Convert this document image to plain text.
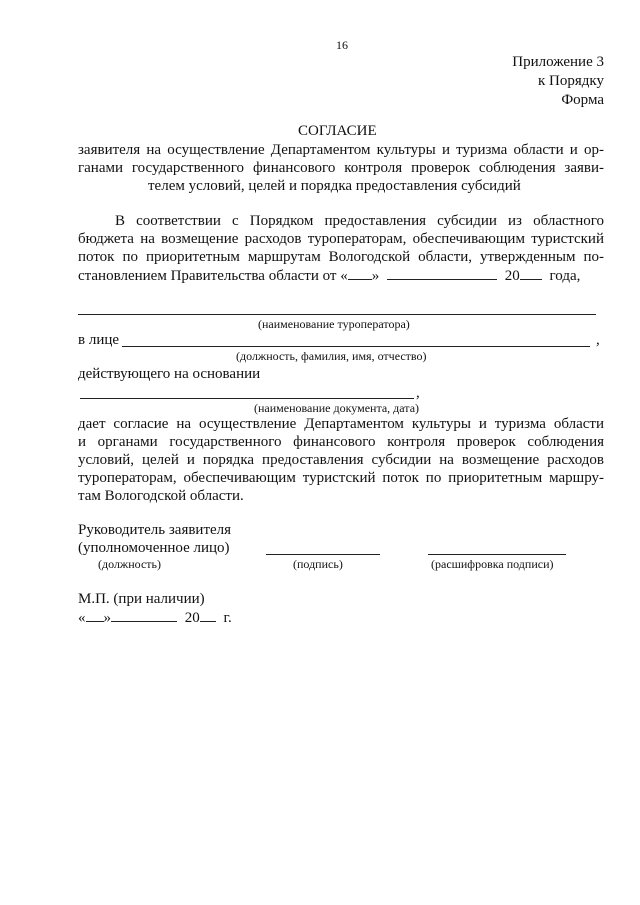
16
Приложение 3
к Порядку
Форма
СОГЛАСИЕ
заявителя на осуществление Департаментом культуры и туризма области и ор-
ганами государственного финансового контроля проверок соблюдения заяви-
телем условий, целей и порядка предоставления субсидий
В соответствии с Порядком предоставления субсидии из областного
бюджета на возмещение расходов туроператорам, обеспечивающим туристский
поток по приоритетным маршрутам Вологодской области, утвержденным по-
становлением Правительства области от « »	20 года,
(наименование туроператора)
в лице	,
(должность, фамилия, имя, отчество)
действующего на основании
,
(наименование документа, дата)
дает согласие на осуществление Департаментом культуры и туризма области
и органами государственного финансового контроля проверок соблюдения
условий, целей и порядка предоставления субсидии на возмещение расходов
туроператорам, обеспечивающим туристский поток по приоритетным маршру-
там Вологодской области.
Руководитель заявителя
(уполномоченное лицо)
(должность)	(подпись)	(расшифровка подписи)
М.П. (при наличии)
« »	20 г.
